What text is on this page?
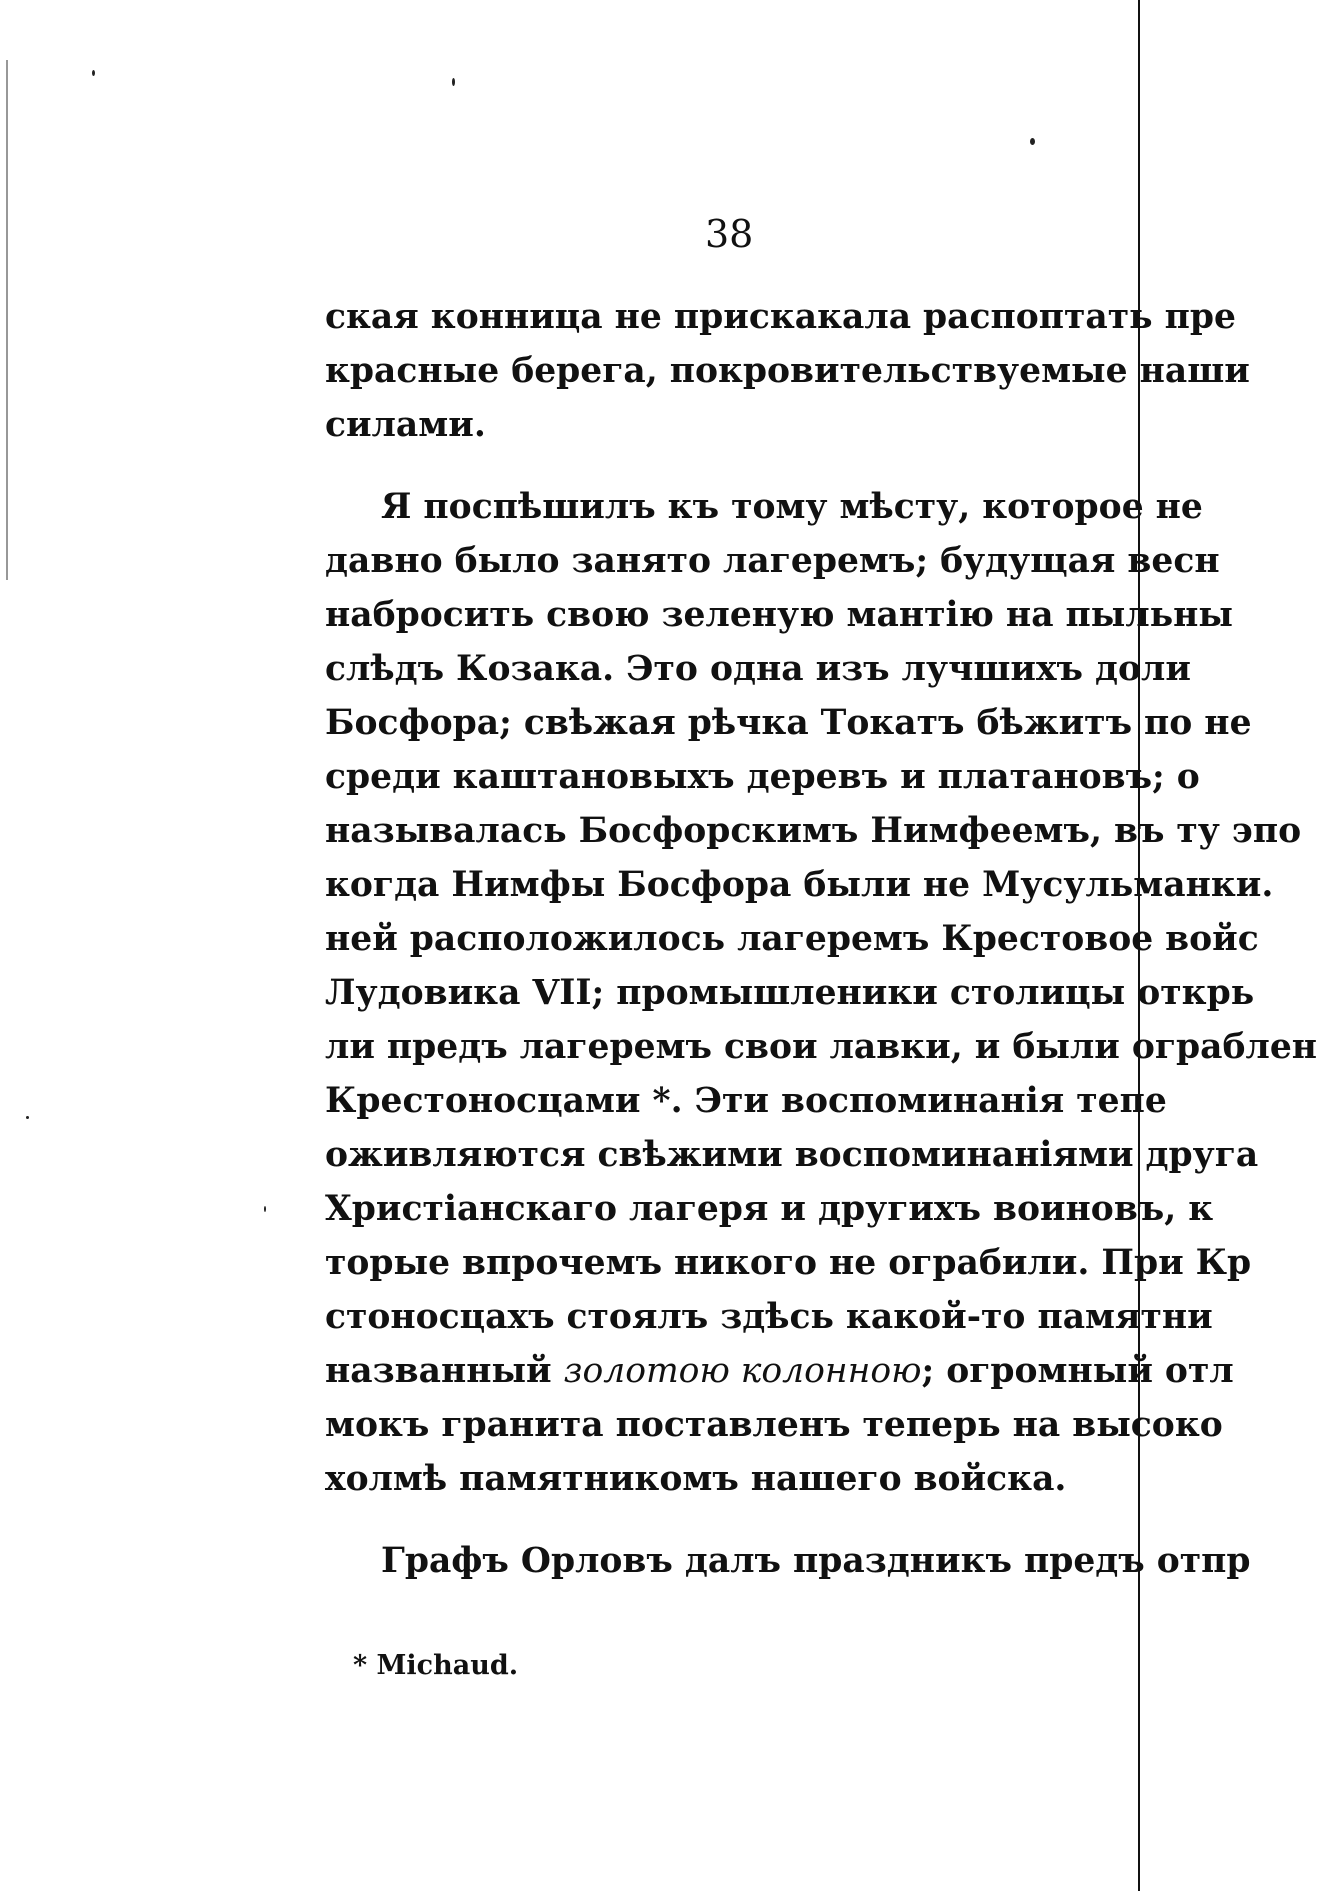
38
ская конница не прискакала распоптать пре
красные берега, покровительствуемые наши
силами.
Я поспѣшилъ къ тому мѣсту, которое не
давно было занято лагеремъ; будущая весн
набросить свою зеленую мантію на пыльны
слѣдъ Козака. Это одна изъ лучшихъ доли
Босфора; свѣжая рѣчка Токатъ бѣжитъ по не
среди каштановыхъ деревъ и платановъ; о
называлась Босфорскимъ Нимфеемъ, въ ту эпо
когда Нимфы Босфора были не Мусульманки.
ней расположилось лагеремъ Крестовое войс
Лудовика VII; промышленики столицы открь
ли предъ лагеремъ свои лавки, и были ограблен
Крестоносцами *. Эти воспоминанія тепе
оживляются свѣжими воспоминаніями друга
Христіанскаго лагеря и другихъ воиновъ, к
торые впрочемъ никого не ограбили. При Кр
стоносцахъ стоялъ здѣсь какой-то памятни
названный золотою колонною; огромный отл
мокъ гранита поставленъ теперь на высоко
холмѣ памятникомъ нашего войска.
Графъ Орловъ далъ праздникъ предъ отпр
* Michaud.
